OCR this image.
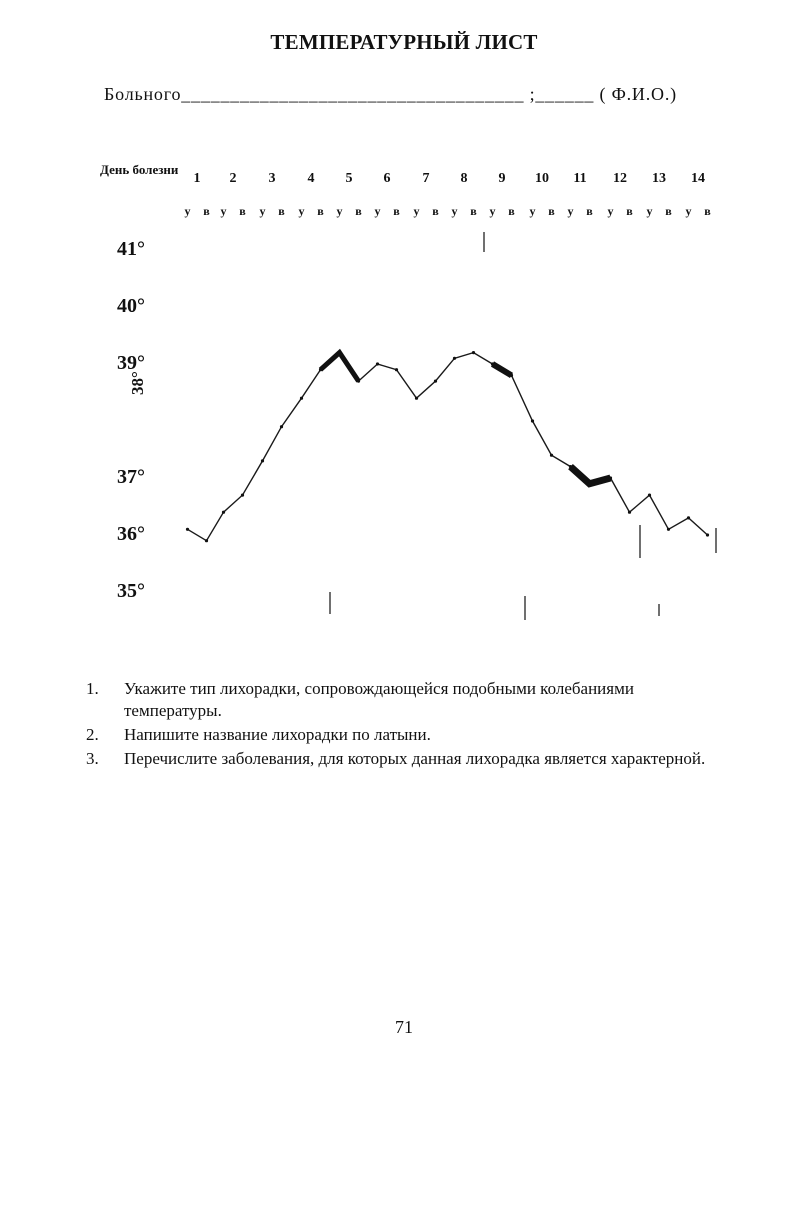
ТЕМПЕРАТУРНЫЙ ЛИСТ
Больного___________________________________ ;______ ( Ф.И.О.)
День болезни
1 2 3 4 5 6 7 8 9 10 11 12 13 14
у в у в у в у в у в у в у в у в у в у в у в у в у в у в
41°
40°
39°
38°
37°
36°
35°
1. Укажите тип лихорадки, сопровождающейся подобными колебаниями температуры.
2. Напишите название лихорадки по латыни.
3. Перечислите заболевания, для которых данная лихорадка является характерной.
71
